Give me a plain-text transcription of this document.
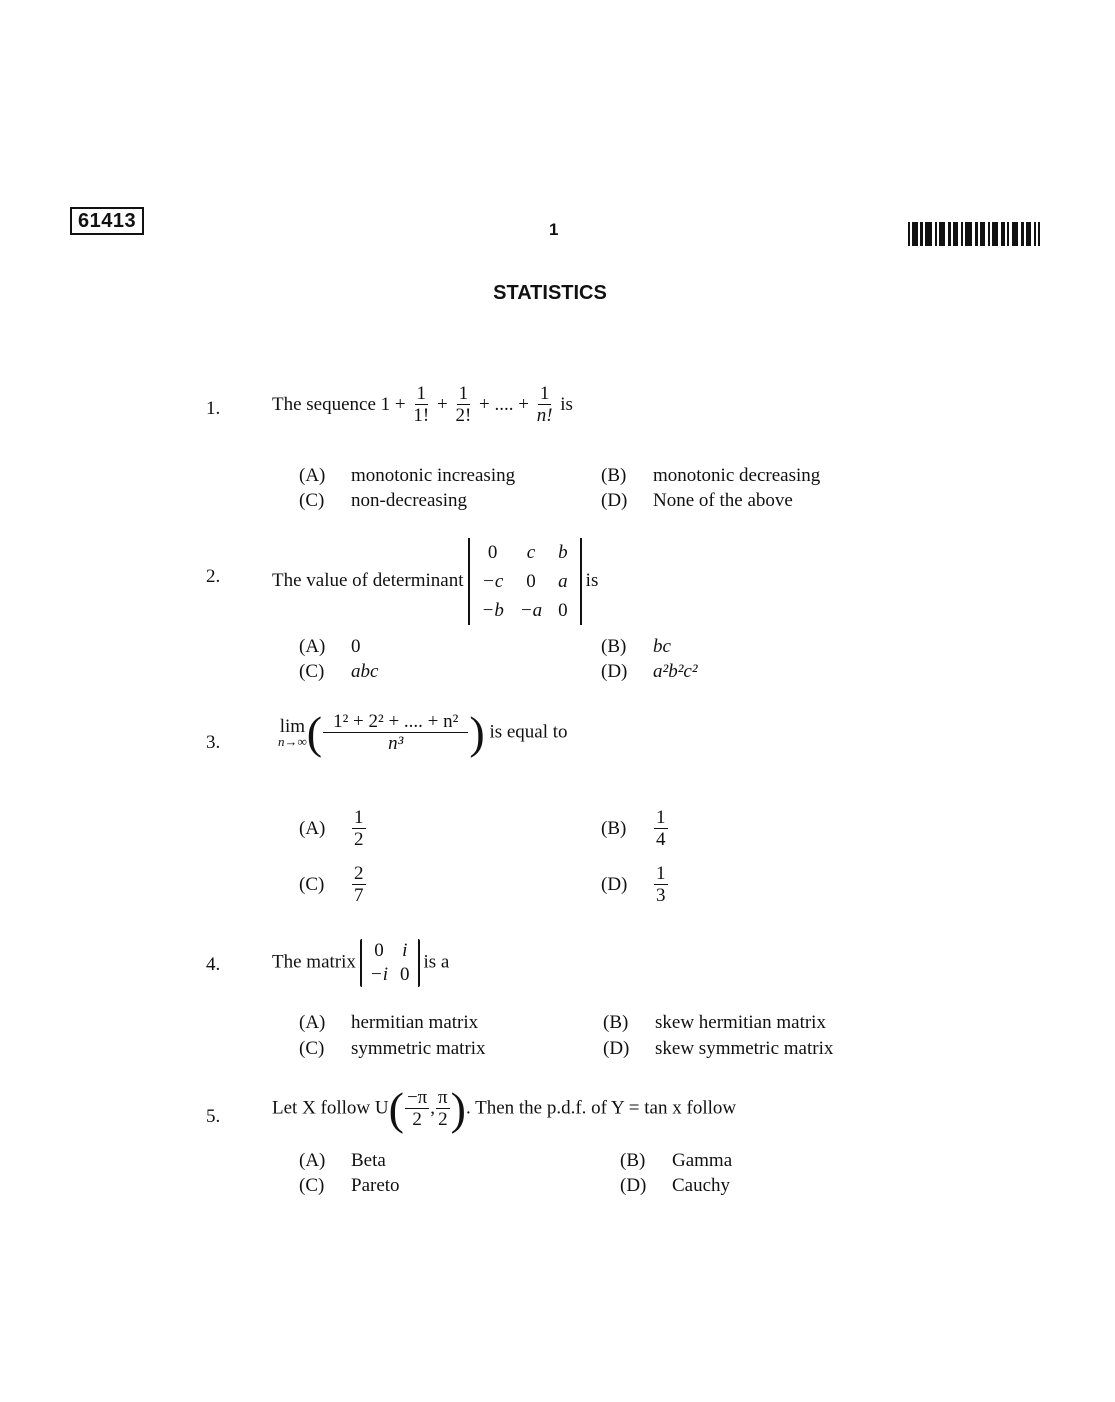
61413	1
STATISTICS
1.	The sequence $1 + \frac{1}{1!} + \frac{1}{2!}$ + .... + $\frac{1}{n!}$ is
(A) monotonic increasing	(B) monotonic decreasing
(C) non-decreasing	(D) None of the above
2.	The value of determinant0	c	b
−c	0	a
−b	−a	0is
(A) 0	(B) bc
(C) abc	(D) a²b²c²
3.
lim
n→∞ ( $\frac{\text{1² + 2² + .... + n²}}{\text{n³}}$ ) is equal to
$(A) \frac{1}{2}$	$(B) \frac{1}{4}$
$(C) \frac{2}{7}$	$(D) \frac{1}{3}$
4.	The matrix0	i
−i	0is a
(A) hermitian matrix	(B) skew hermitian matrix
(C) symmetric matrix	(D) skew symmetric matrix
5.	Let X follow $U( \frac{-\pi}{2}$ , $\frac{\pi}{2}$ ). Then the p.d.f. of Y = tan x follow
(A) Beta	(B) Gamma
(C) Pareto	(D) Cauchy
